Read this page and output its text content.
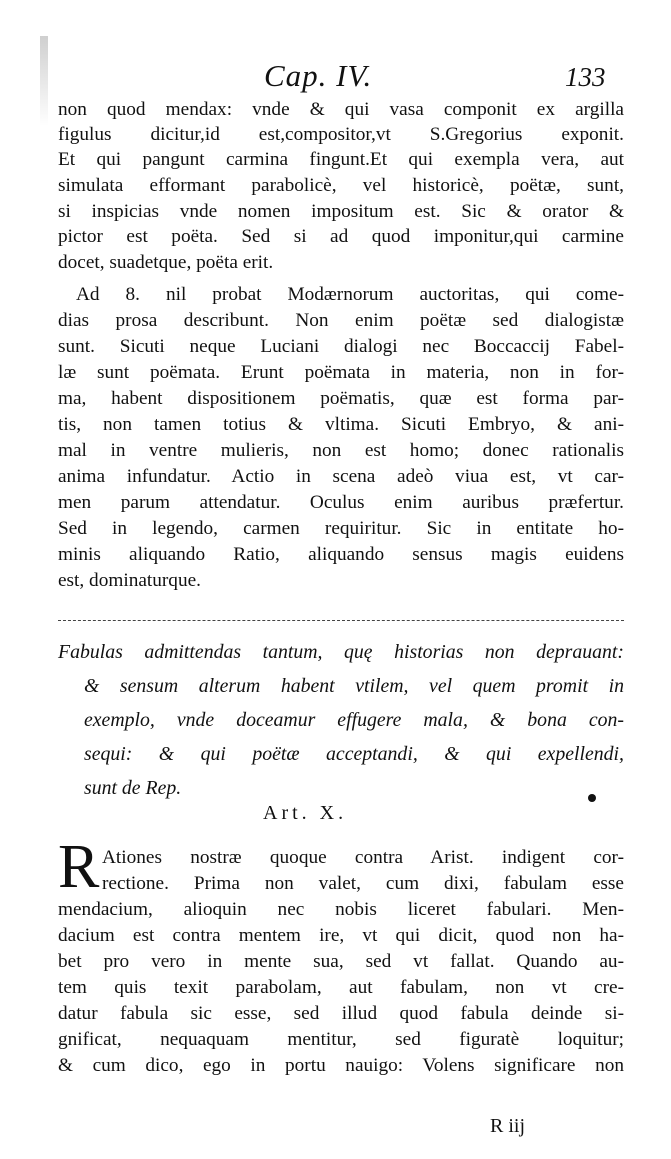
Cap. IV.	133
non quod mendax: vnde & qui vasa componit ex argilla
figulus dicitur,id est,compositor,vt S.Gregorius exponit.
Et qui pangunt carmina fingunt.Et qui exempla vera, aut
simulata efformant parabolicè, vel historicè, poëtæ, sunt,
si inspicias vnde nomen impositum est. Sic & orator &
pictor est poëta. Sed si ad quod imponitur,qui carmine
docet, suadetque, poëta erit.
Ad 8. nil probat Modærnorum auctoritas, qui come-
dias prosa describunt. Non enim poëtæ sed dialogistæ
sunt. Sicuti neque Luciani dialogi nec Boccaccij Fabel-
læ sunt poëmata. Erunt poëmata in materia, non in for-
ma, habent dispositionem poëmatis, quæ est forma par-
tis, non tamen totius & vltima. Sicuti Embryo, & ani-
mal in ventre mulieris, non est homo; donec rationalis
anima infundatur. Actio in scena adeò viua est, vt car-
men parum attendatur. Oculus enim auribus præfertur.
Sed in legendo, carmen requiritur. Sic in entitate ho-
minis aliquando Ratio, aliquando sensus magis euidens
est, dominaturque.
Fabulas admittendas tantum, quę historias non deprauant:
& sensum alterum habent vtilem, vel quem promit in
exemplo, vnde doceamur effugere mala, & bona con-
sequi: & qui poëtæ acceptandi, & qui expellendi,
sunt de Rep.
Art. X.
R Ationes nostræ quoque contra Arist. indigent cor-
rectione. Prima non valet, cum dixi, fabulam esse
mendacium, alioquin nec nobis liceret fabulari. Men-
dacium est contra mentem ire, vt qui dicit, quod non ha-
bet pro vero in mente sua, sed vt fallat. Quando au-
tem quis texit parabolam, aut fabulam, non vt cre-
datur fabula sic esse, sed illud quod fabula deinde si-
gnificat, nequaquam mentitur, sed figuratè loquitur;
& cum dico, ego in portu nauigo: Volens significare non
R iij
